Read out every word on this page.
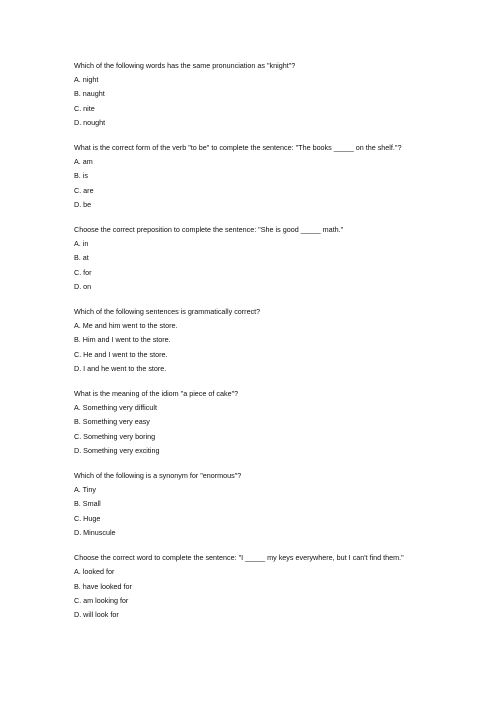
Which of the following words has the same pronunciation as "knight"?

A. night
B. naught
C. nite
D. nought

What is the correct form of the verb "to be" to complete the sentence: "The books _____ on the shelf."?

A. am
B. is
C. are
D. be

Choose the correct preposition to complete the sentence: "She is good _____ math."

A. in
B. at
C. for
D. on

Which of the following sentences is grammatically correct?

A. Me and him went to the store.
B. Him and I went to the store.
C. He and I went to the store.
D. I and he went to the store.

What is the meaning of the idiom "a piece of cake"?

A. Something very difficult
B. Something very easy
C. Something very boring
D. Something very exciting

Which of the following is a synonym for "enormous"?

A. Tiny
B. Small
C. Huge
D. Minuscule

Choose the correct word to complete the sentence: "I _____ my keys everywhere, but I can't find them."

A. looked for
B. have looked for
C. am looking for
D. will look for
